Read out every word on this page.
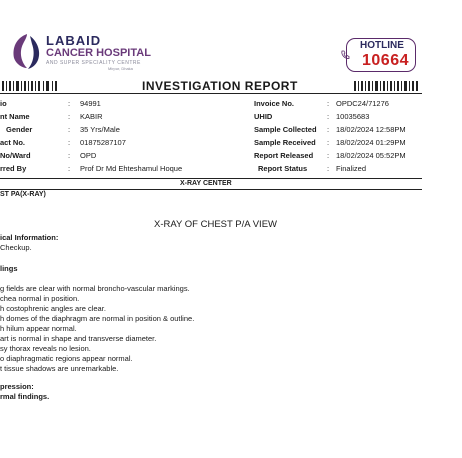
LABAID
CANCER HOSPITAL
AND SUPER SPECIALITY CENTRE
Mirpur, Dhaka
HOTLINE
10664
INVESTIGATION REPORT
io	: 94991
nt Name	: KABIR
Gender	: 35 Yrs/Male
act No.	: 01875287107
No/Ward	: OPD
rred By	: Prof Dr Md Ehteshamul Hoque
Invoice No.	: OPDC24/71276
UHID	: 10035683
Sample Collected : 18/02/2024 12:58PM
Sample Received : 18/02/2024 01:29PM
Report Released : 18/02/2024 05:52PM
Report Status	: Finalized
X-RAY CENTER
ST PA(X-RAY)
X-RAY OF CHEST P/A VIEW
ical Information:
Checkup.
lings
g fields are clear with normal broncho-vascular markings.
chea normal in position.
h costophrenic angles are clear.
h domes of the diaphragm are normal in position & outline.
h hilum appear normal.
art is normal in shape and transverse diameter.
sy thorax reveals no lesion.
o diaphragmatic regions appear normal.
t tissue shadows are unremarkable.
pression:
rmal findings.
